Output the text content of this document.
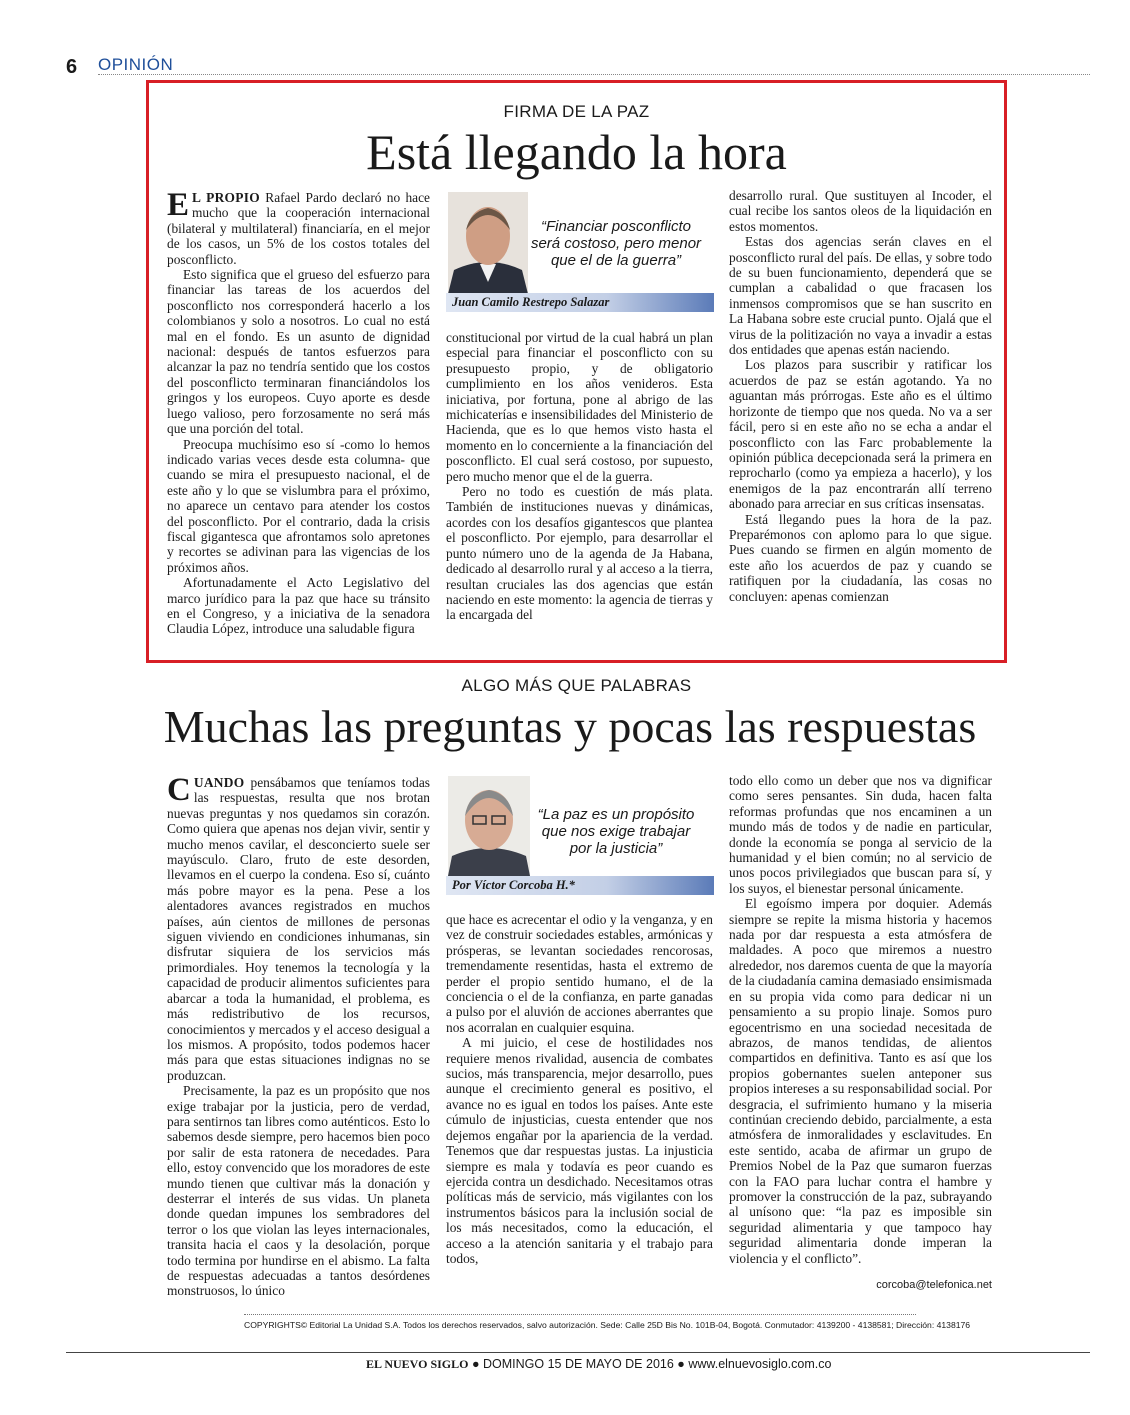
6 OPINIÓN
FIRMA DE LA PAZ
Está llegando la hora

E L PROPIO Rafael Pardo declaró no hace mucho que la cooperación internacional (bilateral y multilateral) financiaría, en el mejor de los casos, un 5% de los costos totales del posconflicto.

Esto significa que el grueso del esfuerzo para financiar las tareas de los acuerdos del posconflicto nos corresponderá hacerlo a los colombianos y solo a nosotros. Lo cual no está mal en el fondo. Es un asunto de dignidad nacional: después de tantos esfuerzos para alcanzar la paz no tendría sentido que los costos del posconflicto terminaran financiándolos los gringos y los europeos. Cuyo aporte es desde luego valioso, pero forzosamente no será más que una porción del total.

Preocupa muchísimo eso sí -como lo hemos indicado varias veces desde esta columna- que cuando se mira el presupuesto nacional, el de este año y lo que se vislumbra para el próximo, no aparece un centavo para atender los costos del posconflicto. Por el contrario, dada la crisis fiscal gigantesca que afrontamos solo apretones y recortes se adivinan para las vigencias de los próximos años.

Afortunadamente el Acto Legislativo del marco jurídico para la paz que hace su tránsito en el Congreso, y a iniciativa de la senadora Claudia López, introduce una saludable figura

“Financiar posconflicto será costoso, pero menor que el de la guerra”
Juan Camilo Restrepo Salazar

constitucional por virtud de la cual habrá un plan especial para financiar el posconflicto con su presupuesto propio, y de obligatorio cumplimiento en los años venideros. Esta iniciativa, por fortuna, pone al abrigo de las michicaterías e insensibilidades del Ministerio de Hacienda, que es lo que hemos visto hasta el momento en lo concerniente a la financiación del posconflicto. El cual será costoso, por supuesto, pero mucho menor que el de la guerra.

Pero no todo es cuestión de más plata. También de instituciones nuevas y dinámicas, acordes con los desafíos gigantescos que plantea el posconflicto. Por ejemplo, para desarrollar el punto número uno de la agenda de Ja Habana, dedicado al desarrollo rural y al acceso a la tierra, resultan cruciales las dos agencias que están naciendo en este momento: la agencia de tierras y la encargada del

desarrollo rural. Que sustituyen al Incoder, el cual recibe los santos oleos de la liquidación en estos momentos.

Estas dos agencias serán claves en el posconflicto rural del país. De ellas, y sobre todo de su buen funcionamiento, dependerá que se cumplan a cabalidad o que fracasen los inmensos compromisos que se han suscrito en La Habana sobre este crucial punto. Ojalá que el virus de la politización no vaya a invadir a estas dos entidades que apenas están naciendo.

Los plazos para suscribir y ratificar los acuerdos de paz se están agotando. Ya no aguantan más prórrogas. Este año es el último horizonte de tiempo que nos queda. No va a ser fácil, pero si en este año no se echa a andar el posconflicto con las Farc probablemente la opinión pública decepcionada será la primera en reprocharlo (como ya empieza a hacerlo), y los enemigos de la paz encontrarán allí terreno abonado para arreciar en sus críticas insensatas.

Está llegando pues la hora de la paz. Preparémonos con aplomo para lo que sigue. Pues cuando se firmen en algún momento de este año los acuerdos de paz y cuando se ratifiquen por la ciudadanía, las cosas no concluyen: apenas comienzan

ALGO MÁS QUE PALABRAS
Muchas las preguntas y pocas las respuestas

CUANDO pensábamos que teníamos todas las respuestas, resulta que nos brotan nuevas preguntas y nos quedamos sin corazón. Como quiera que apenas nos dejan vivir, sentir y mucho menos cavilar, el desconcierto suele ser mayúsculo. Claro, fruto de este desorden, llevamos en el cuerpo la condena. Eso sí, cuánto más pobre mayor es la pena. Pese a los alentadores avances registrados en muchos países, aún cientos de millones de personas siguen viviendo en condiciones inhumanas, sin disfrutar siquiera de los servicios más primordiales. Hoy tenemos la tecnología y la capacidad de producir alimentos suficientes para abarcar a toda la humanidad, el problema, es más redistributivo de los recursos, conocimientos y mercados y el acceso desigual a los mismos. A propósito, todos podemos hacer más para que estas situaciones indignas no se produzcan.

Precisamente, la paz es un propósito que nos exige trabajar por la justicia, pero de verdad, para sentirnos tan libres como auténticos. Esto lo sabemos desde siempre, pero hacemos bien poco por salir de esta ratonera de necedades. Para ello, estoy convencido que los moradores de este mundo tienen que cultivar más la donación y desterrar el interés de sus vidas. Un planeta donde quedan impunes los sembradores del terror o los que violan las leyes internacionales, transita hacia el caos y la desolación, porque todo termina por hundirse en el abismo. La falta de respuestas adecuadas a tantos desórdenes monstruosos, lo único

“La paz es un propósito que nos exige trabajar por la justicia”
Por Víctor Corcoba H.*

que hace es acrecentar el odio y la venganza, y en vez de construir sociedades estables, armónicas y prósperas, se levantan sociedades rencorosas, tremendamente resentidas, hasta el extremo de perder el propio sentido humano, el de la conciencia o el de la confianza, en parte ganadas a pulso por el aluvión de acciones aberrantes que nos acorralan en cualquier esquina.

A mi juicio, el cese de hostilidades nos requiere menos rivalidad, ausencia de combates sucios, más transparencia, mejor desarrollo, pues aunque el crecimiento general es positivo, el avance no es igual en todos los países. Ante este cúmulo de injusticias, cuesta entender que nos dejemos engañar por la apariencia de la verdad. Tenemos que dar respuestas justas. La injusticia siempre es mala y todavía es peor cuando es ejercida contra un desdichado. Necesitamos otras políticas más de servicio, más vigilantes con los instrumentos básicos para la inclusión social de los más necesitados, como la educación, el acceso a la atención sanitaria y el trabajo para todos,

todo ello como un deber que nos va dignificar como seres pensantes. Sin duda, hacen falta reformas profundas que nos encaminen a un mundo más de todos y de nadie en particular, donde la economía se ponga al servicio de la humanidad y el bien común; no al servicio de unos pocos privilegiados que buscan para sí, y los suyos, el bienestar personal únicamente.

El egoísmo impera por doquier. Además siempre se repite la misma historia y hacemos nada por dar respuesta a esta atmósfera de maldades. A poco que miremos a nuestro alrededor, nos daremos cuenta de que la mayoría de la ciudadanía camina demasiado ensimismada en su propia vida como para dedicar ni un pensamiento a su propio linaje. Somos puro egocentrismo en una sociedad necesitada de abrazos, de manos tendidas, de alientos compartidos en definitiva. Tanto es así que los propios gobernantes suelen anteponer sus propios intereses a su responsabilidad social. Por desgracia, el sufrimiento humano y la miseria continúan creciendo debido, parcialmente, a esta atmósfera de inmoralidades y esclavitudes. En este sentido, acaba de afirmar un grupo de Premios Nobel de la Paz que sumaron fuerzas con la FAO para luchar contra el hambre y promover la construcción de la paz, subrayando al unísono que: “la paz es imposible sin seguridad alimentaria y que tampoco hay seguridad alimentaria donde imperan la violencia y el conflicto”.

corcoba@telefonica.net
COPYRIGHTS© Editorial La Unidad S.A. Todos los derechos reservados, salvo autorización. Sede: Calle 25D Bis No. 101B-04, Bogotá. Conmutador: 4139200 - 4138581; Dirección: 4138176
EL NUEVO SIGLO ● DOMINGO 15 DE MAYO DE 2016 ● www.elnuevosiglo.com.co
